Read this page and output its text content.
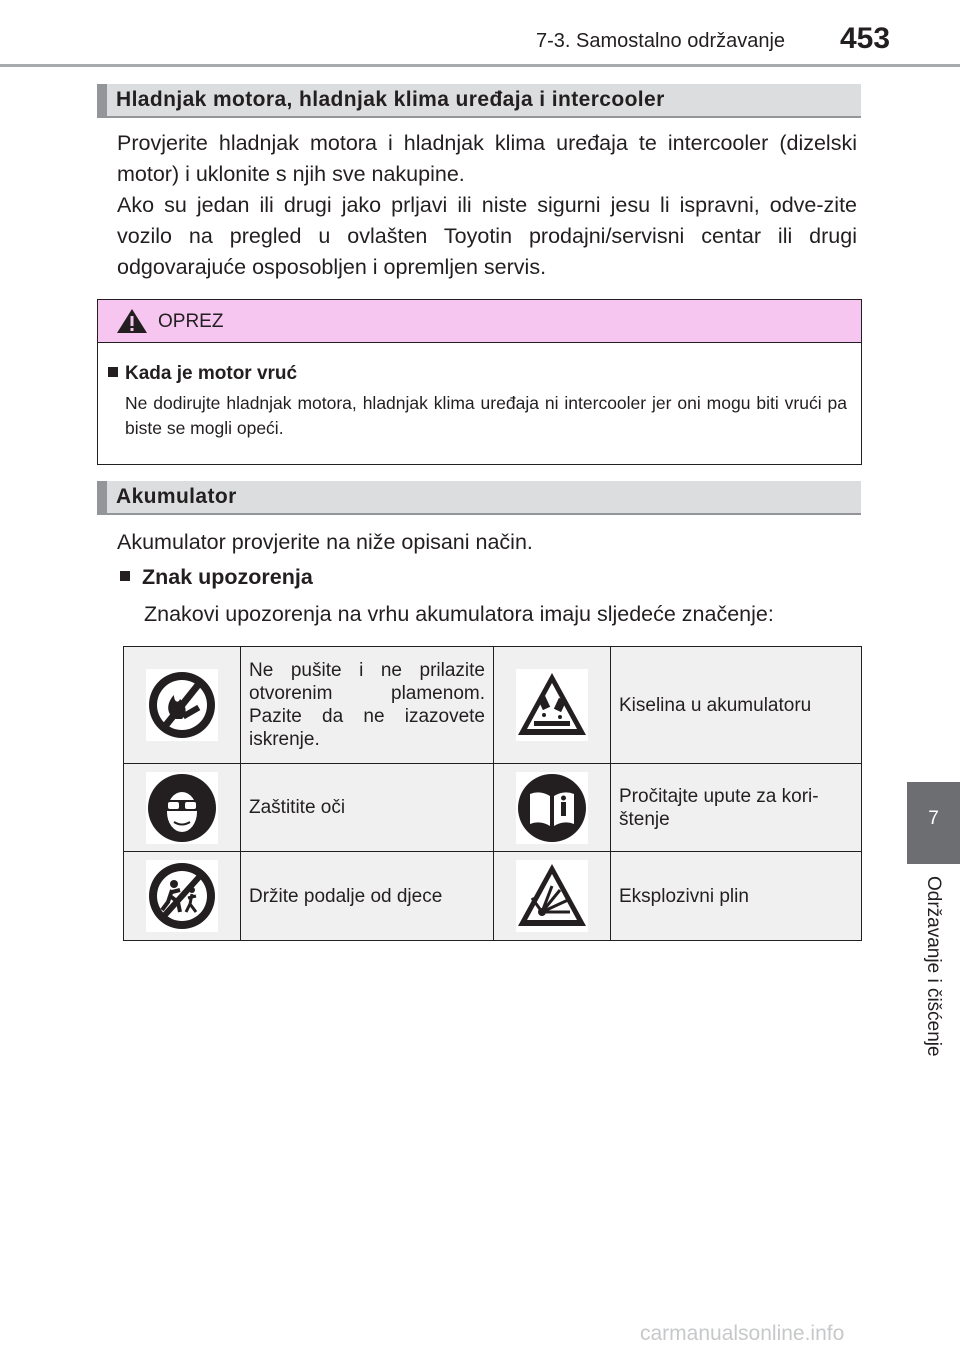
7-3. Samostalno održavanje 453
7
Održavanje i čišćenje
Hladnjak motora, hladnjak klima uređaja i intercooler

Provjerite hladnjak motora i hladnjak klima uređaja te intercooler (dizelski motor) i uklonite s njih sve nakupine.

Ako su jedan ili drugi jako prljavi ili niste sigurni jesu li ispravni, odve-zite vozilo na pregled u ovlašten Toyotin prodajni/servisni centar ili drugi odgovarajuće osposobljen i opremljen servis.

OPREZ
Kada je motor vruć

Ne dodirujte hladnjak motora, hladnjak klima uređaja ni intercooler jer oni mogu biti vrući pa biste se mogli opeći.

Akumulator

Akumulator provjerite na niže opisani način.

Znak upozorenja

Znakovi upozorenja na vrhu akumulatora imaju sljedeće značenje:

	Ne pušite i ne prilazite otvorenim plamenom. Pazite da ne izazovete iskrenje.		Kiselina u akumulatoru

	Zaštitite oči		Pročitajte upute za kori-štenje

	Držite podalje od djece		Eksplozivni plin
carmanualsonline.info
